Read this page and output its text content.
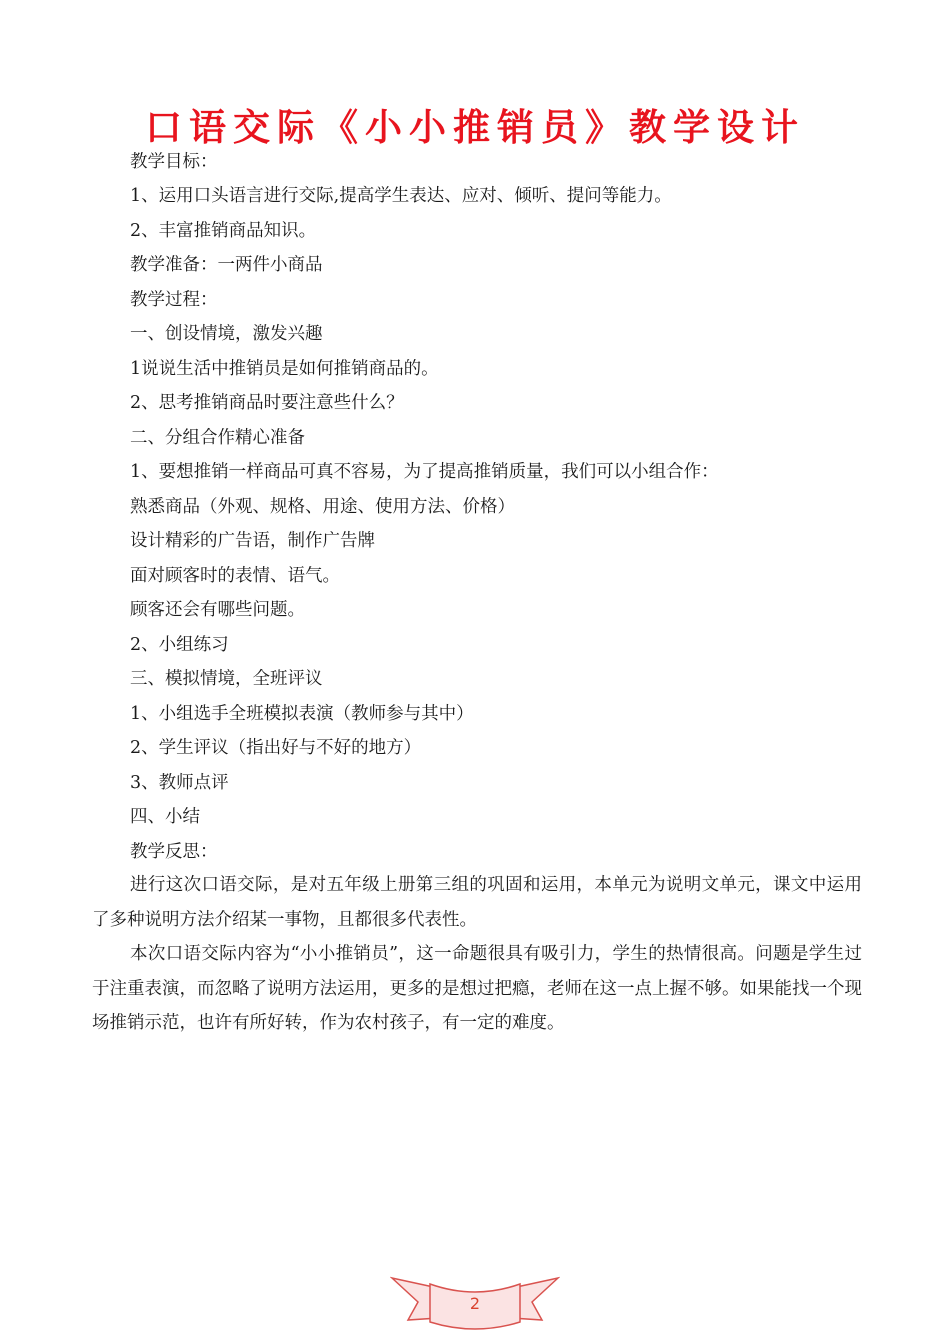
口语交际《小小推销员》教学设计
教学目标：
1、运用口头语言进行交际,提高学生表达、应对、倾听、提问等能力。
2、丰富推销商品知识。
教学准备：一两件小商品
教学过程：
一、创设情境，激发兴趣
1说说生活中推销员是如何推销商品的。
2、思考推销商品时要注意些什么？
二、分组合作精心准备
1、要想推销一样商品可真不容易，为了提高推销质量，我们可以小组合作：
熟悉商品（外观、规格、用途、使用方法、价格）
设计精彩的广告语，制作广告牌
面对顾客时的表情、语气。
顾客还会有哪些问题。
2、小组练习
三、模拟情境，全班评议
1、小组选手全班模拟表演（教师参与其中）
2、学生评议（指出好与不好的地方）
3、教师点评
四、小结
教学反思：

进行这次口语交际，是对五年级上册第三组的巩固和运用，本单元为说明文单元，课文中运用了多种说明方法介绍某一事物，且都很多代表性。

本次口语交际内容为“小小推销员”，这一命题很具有吸引力，学生的热情很高。问题是学生过于注重表演，而忽略了说明方法运用，更多的是想过把瘾，老师在这一点上握不够。如果能找一个现场推销示范，也许有所好转，作为农村孩子，有一定的难度。

2
